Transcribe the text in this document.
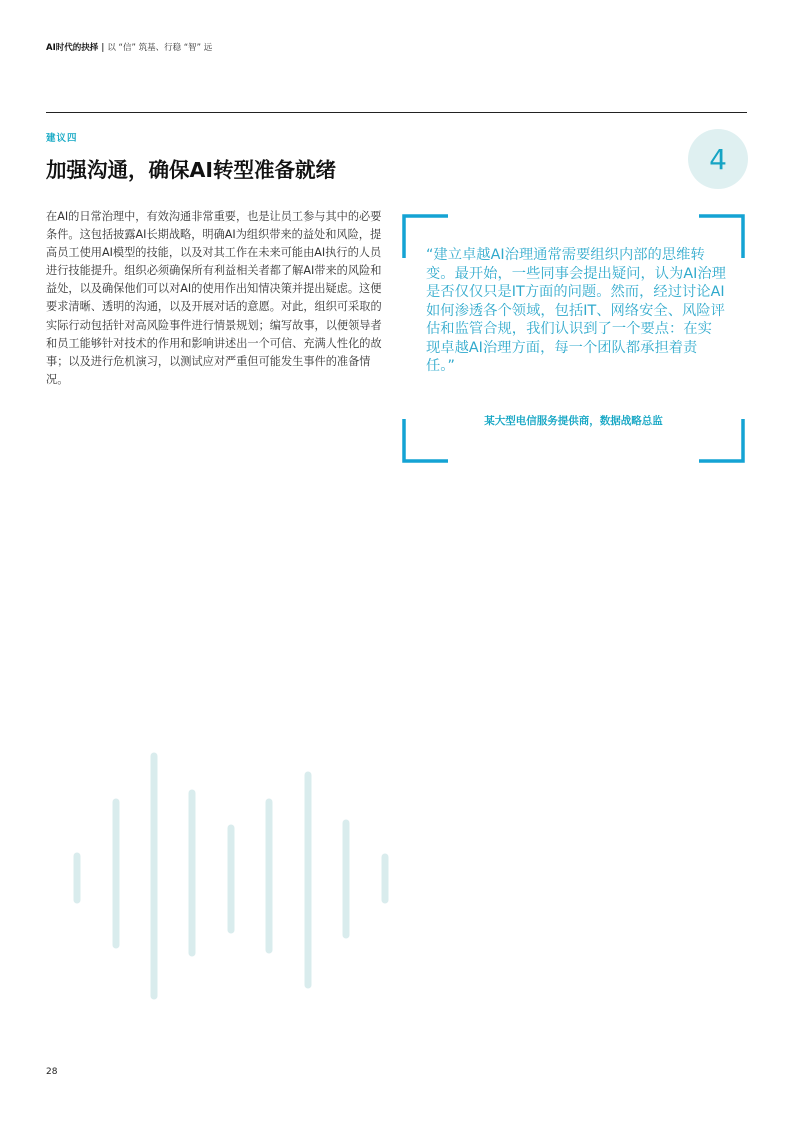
AI时代的抉择 | 以 “信” 筑基、行稳 “智” 远
建议四
加强沟通，确保AI转型准备就绪	4
在AI的日常治理中，有效沟通非常重要，也是让员工参与其中的必要条件。这包括披露AI长期战略，明确AI为组织带来的益处和风险，提高员工使用AI模型的技能，以及对其工作在未来可能由AI执行的人员进行技能提升。组织必须确保所有利益相关者都了解AI带来的风险和益处，以及确保他们可以对AI的使用作出知情决策并提出疑虑。这便要求清晰、透明的沟通，以及开展对话的意愿。对此，组织可采取的实际行动包括针对高风险事件进行情景规划；编写故事，以便领导者和员工能够针对技术的作用和影响讲述出一个可信、充满人性化的故事；以及进行危机演习，以测试应对严重但可能发生事件的准备情况。
“建立卓越AI治理通常需要组织内部的思维转变。最开始，一些同事会提出疑问，认为AI治理是否仅仅只是IT方面的问题。然而，经过讨论AI如何渗透各个领域，包括IT、网络安全、风险评估和监管合规，我们认识到了一个要点：在实现卓越AI治理方面，每一个团队都承担着责任。”
某大型电信服务提供商，数据战略总监
28
